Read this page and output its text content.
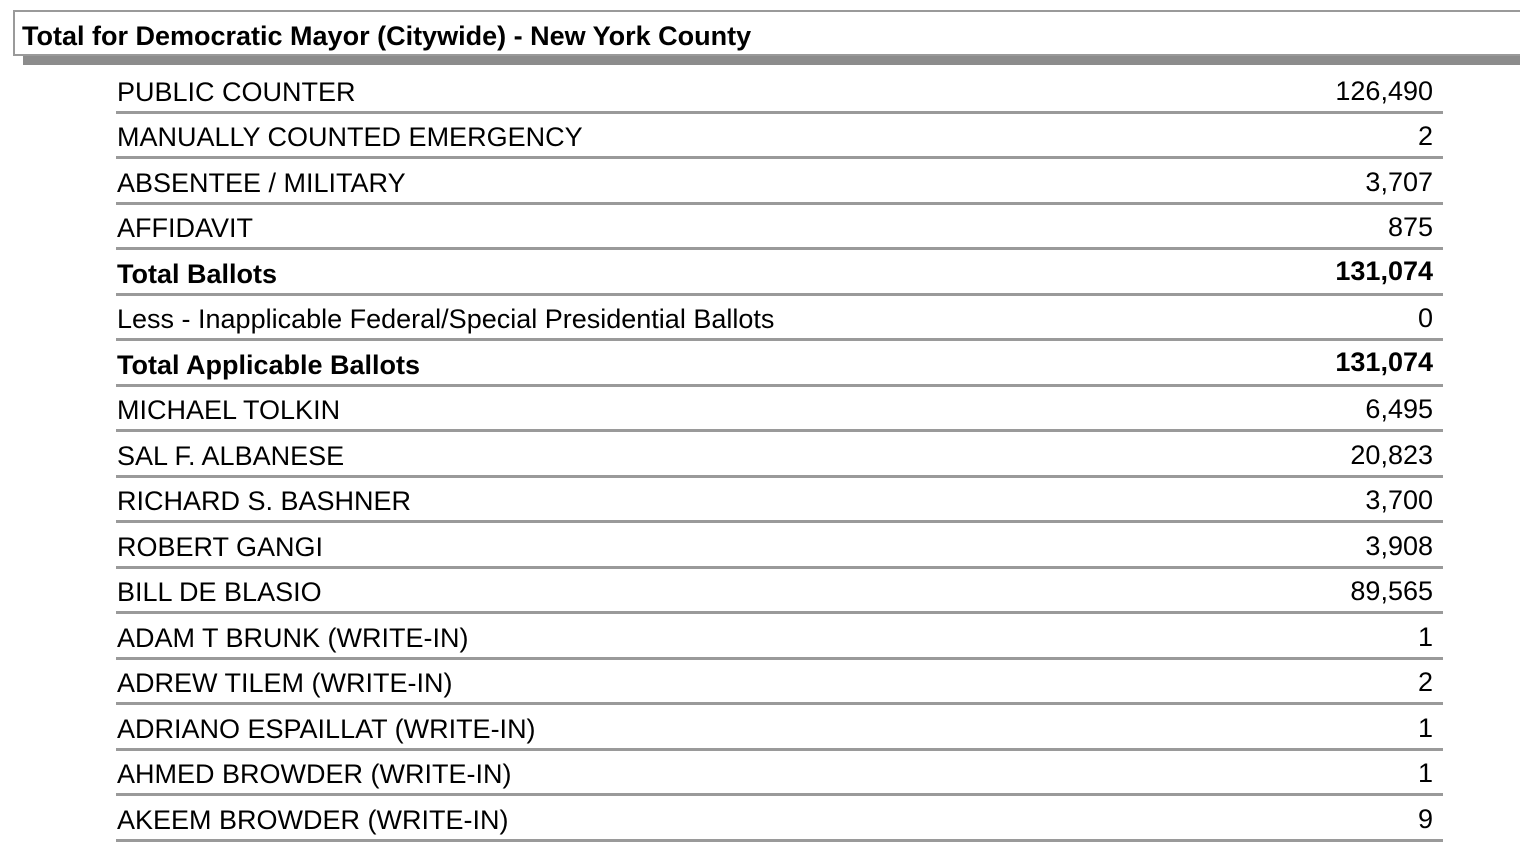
Total for Democratic Mayor (Citywide) - New York County
PUBLIC COUNTER	126,490
MANUALLY COUNTED EMERGENCY	2
ABSENTEE / MILITARY	3,707
AFFIDAVIT	875
Total Ballots	131,074
Less - Inapplicable Federal/Special Presidential Ballots	0
Total Applicable Ballots	131,074
MICHAEL TOLKIN	6,495
SAL F. ALBANESE	20,823
RICHARD S. BASHNER	3,700
ROBERT GANGI	3,908
BILL DE BLASIO	89,565
ADAM T BRUNK (WRITE-IN)	1
ADREW TILEM (WRITE-IN)	2
ADRIANO ESPAILLAT (WRITE-IN)	1
AHMED BROWDER (WRITE-IN)	1
AKEEM BROWDER (WRITE-IN)	9
